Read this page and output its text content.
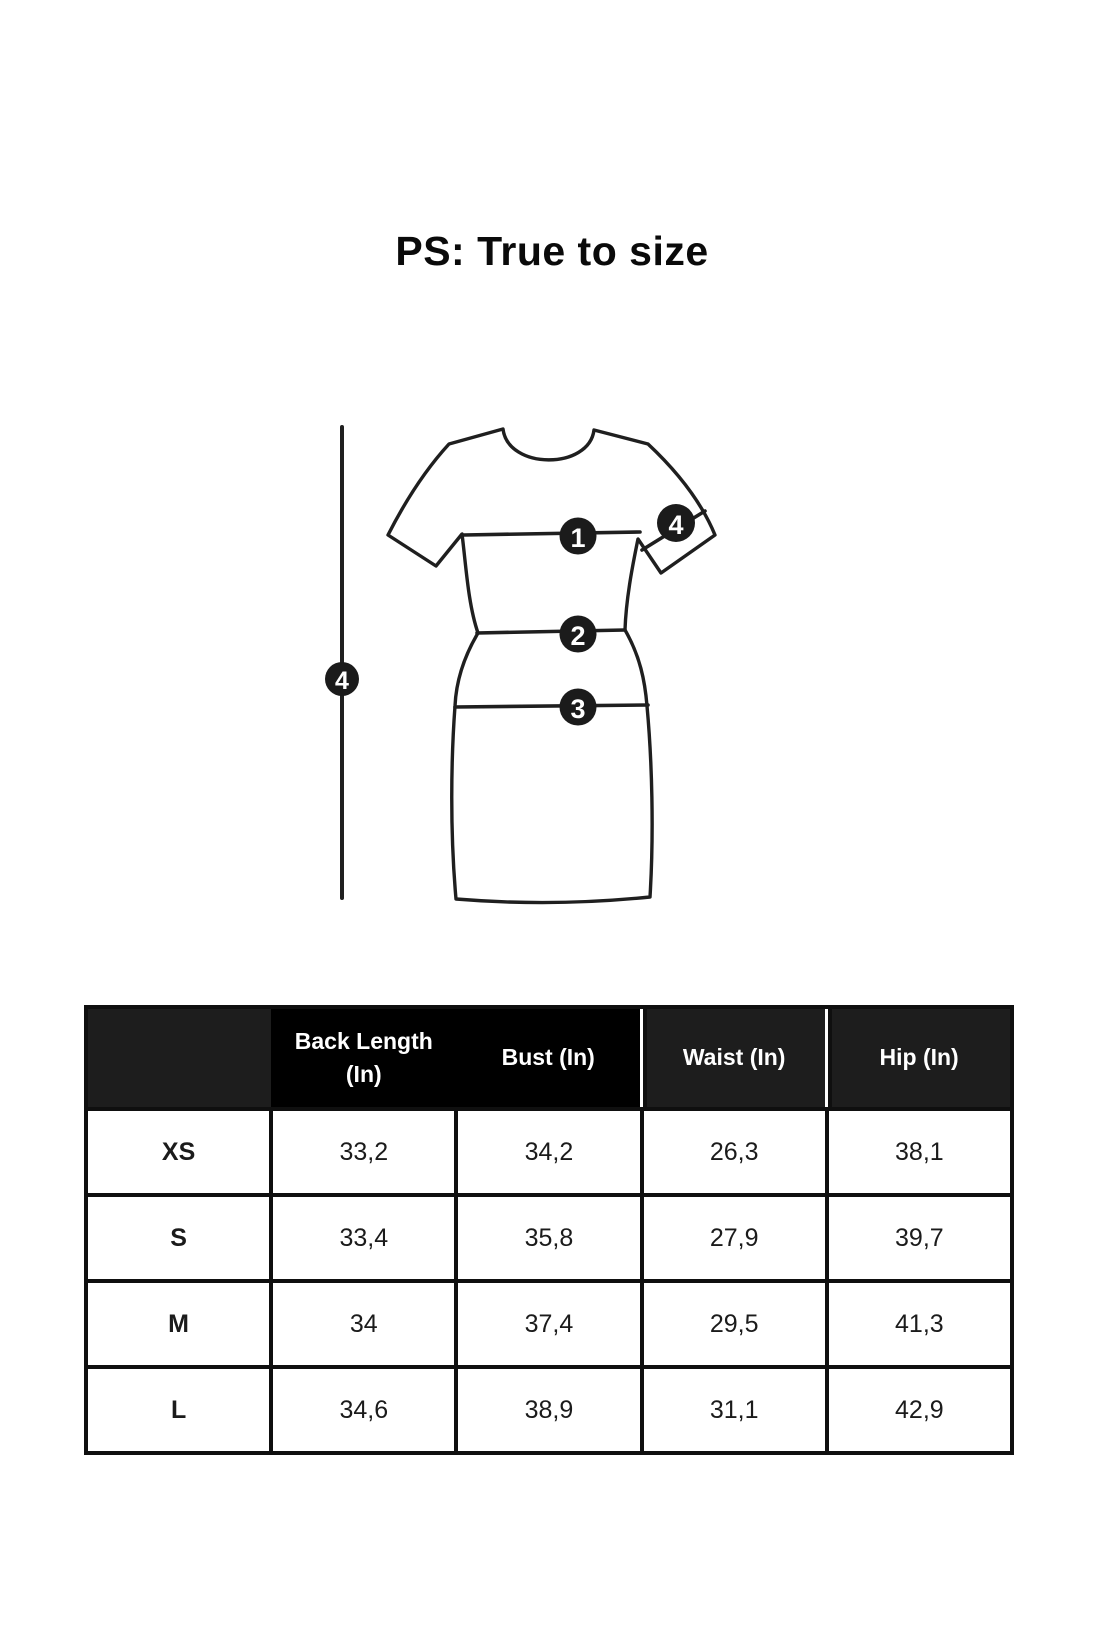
PS: True to size
1
2
3
4
4
	Back Length (In)	Bust (In)	Waist (In)	Hip (In)
XS	33,2	34,2	26,3	38,1
S	33,4	35,8	27,9	39,7
M	34	37,4	29,5	41,3
L	34,6	38,9	31,1	42,9
